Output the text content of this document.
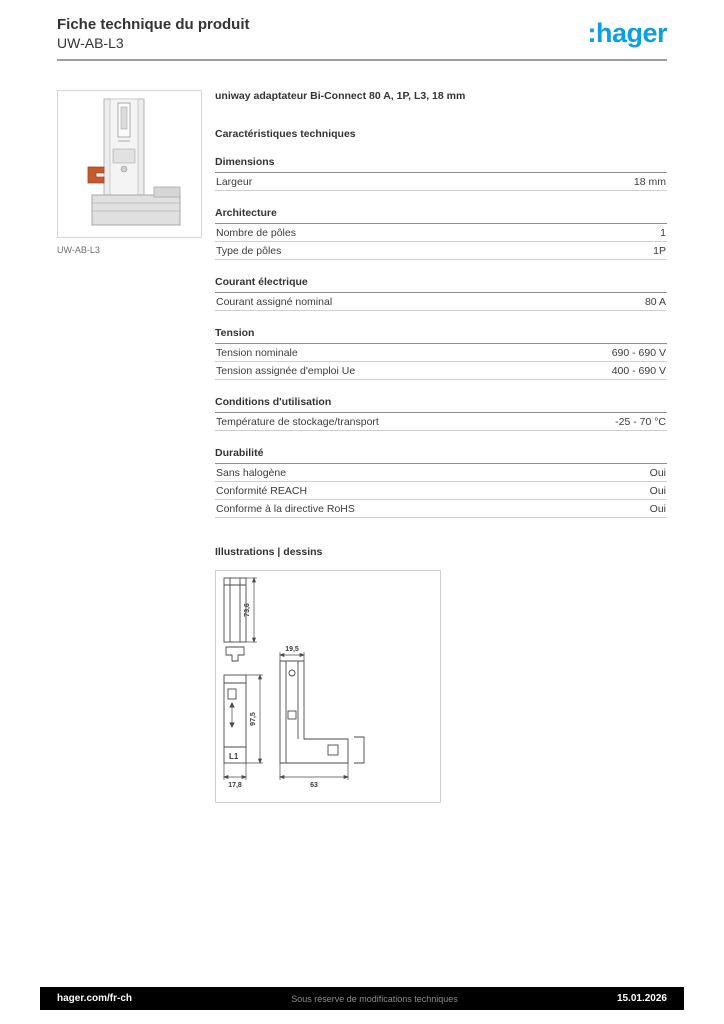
Fiche technique du produit
UW-AB-L3	:hager
UW-AB-L3
uniway adaptateur Bi-Connect 80 A, 1P, L3, 18 mm
Caractéristiques techniques
Dimensions
Largeur	18 mm
Architecture
Nombre de pôles	1
Type de pôles	1P
Courant électrique
Courant assigné nominal	80 A
Tension
Tension nominale	690 - 690 V
Tension assignée d'emploi Ue	400 - 690 V
Conditions d'utilisation
Température de stockage/transport	-25 - 70 °C
Durabilité
Sans halogène	Oui
Conformité REACH	Oui
Conforme à la directive RoHS	Oui
Illustrations | dessins
73,6
97,5
17,8
19,5
63
L1
hager.com/fr-ch	Sous réserve de modifications techniques	15.01.2026
